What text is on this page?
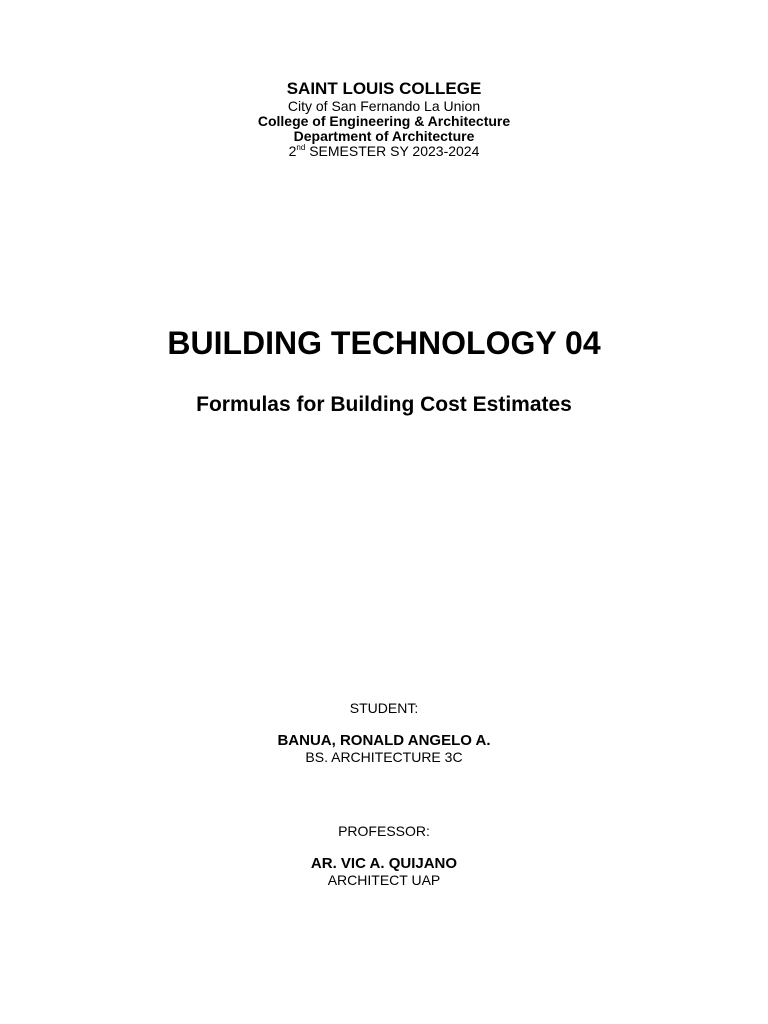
SAINT LOUIS COLLEGE
City of San Fernando La Union
College of Engineering & Architecture
Department of Architecture
2nd SEMESTER SY 2023-2024
BUILDING TECHNOLOGY 04
Formulas for Building Cost Estimates
STUDENT:
BANUA, RONALD ANGELO A.
BS. ARCHITECTURE 3C
PROFESSOR:
AR. VIC A. QUIJANO
ARCHITECT UAP
